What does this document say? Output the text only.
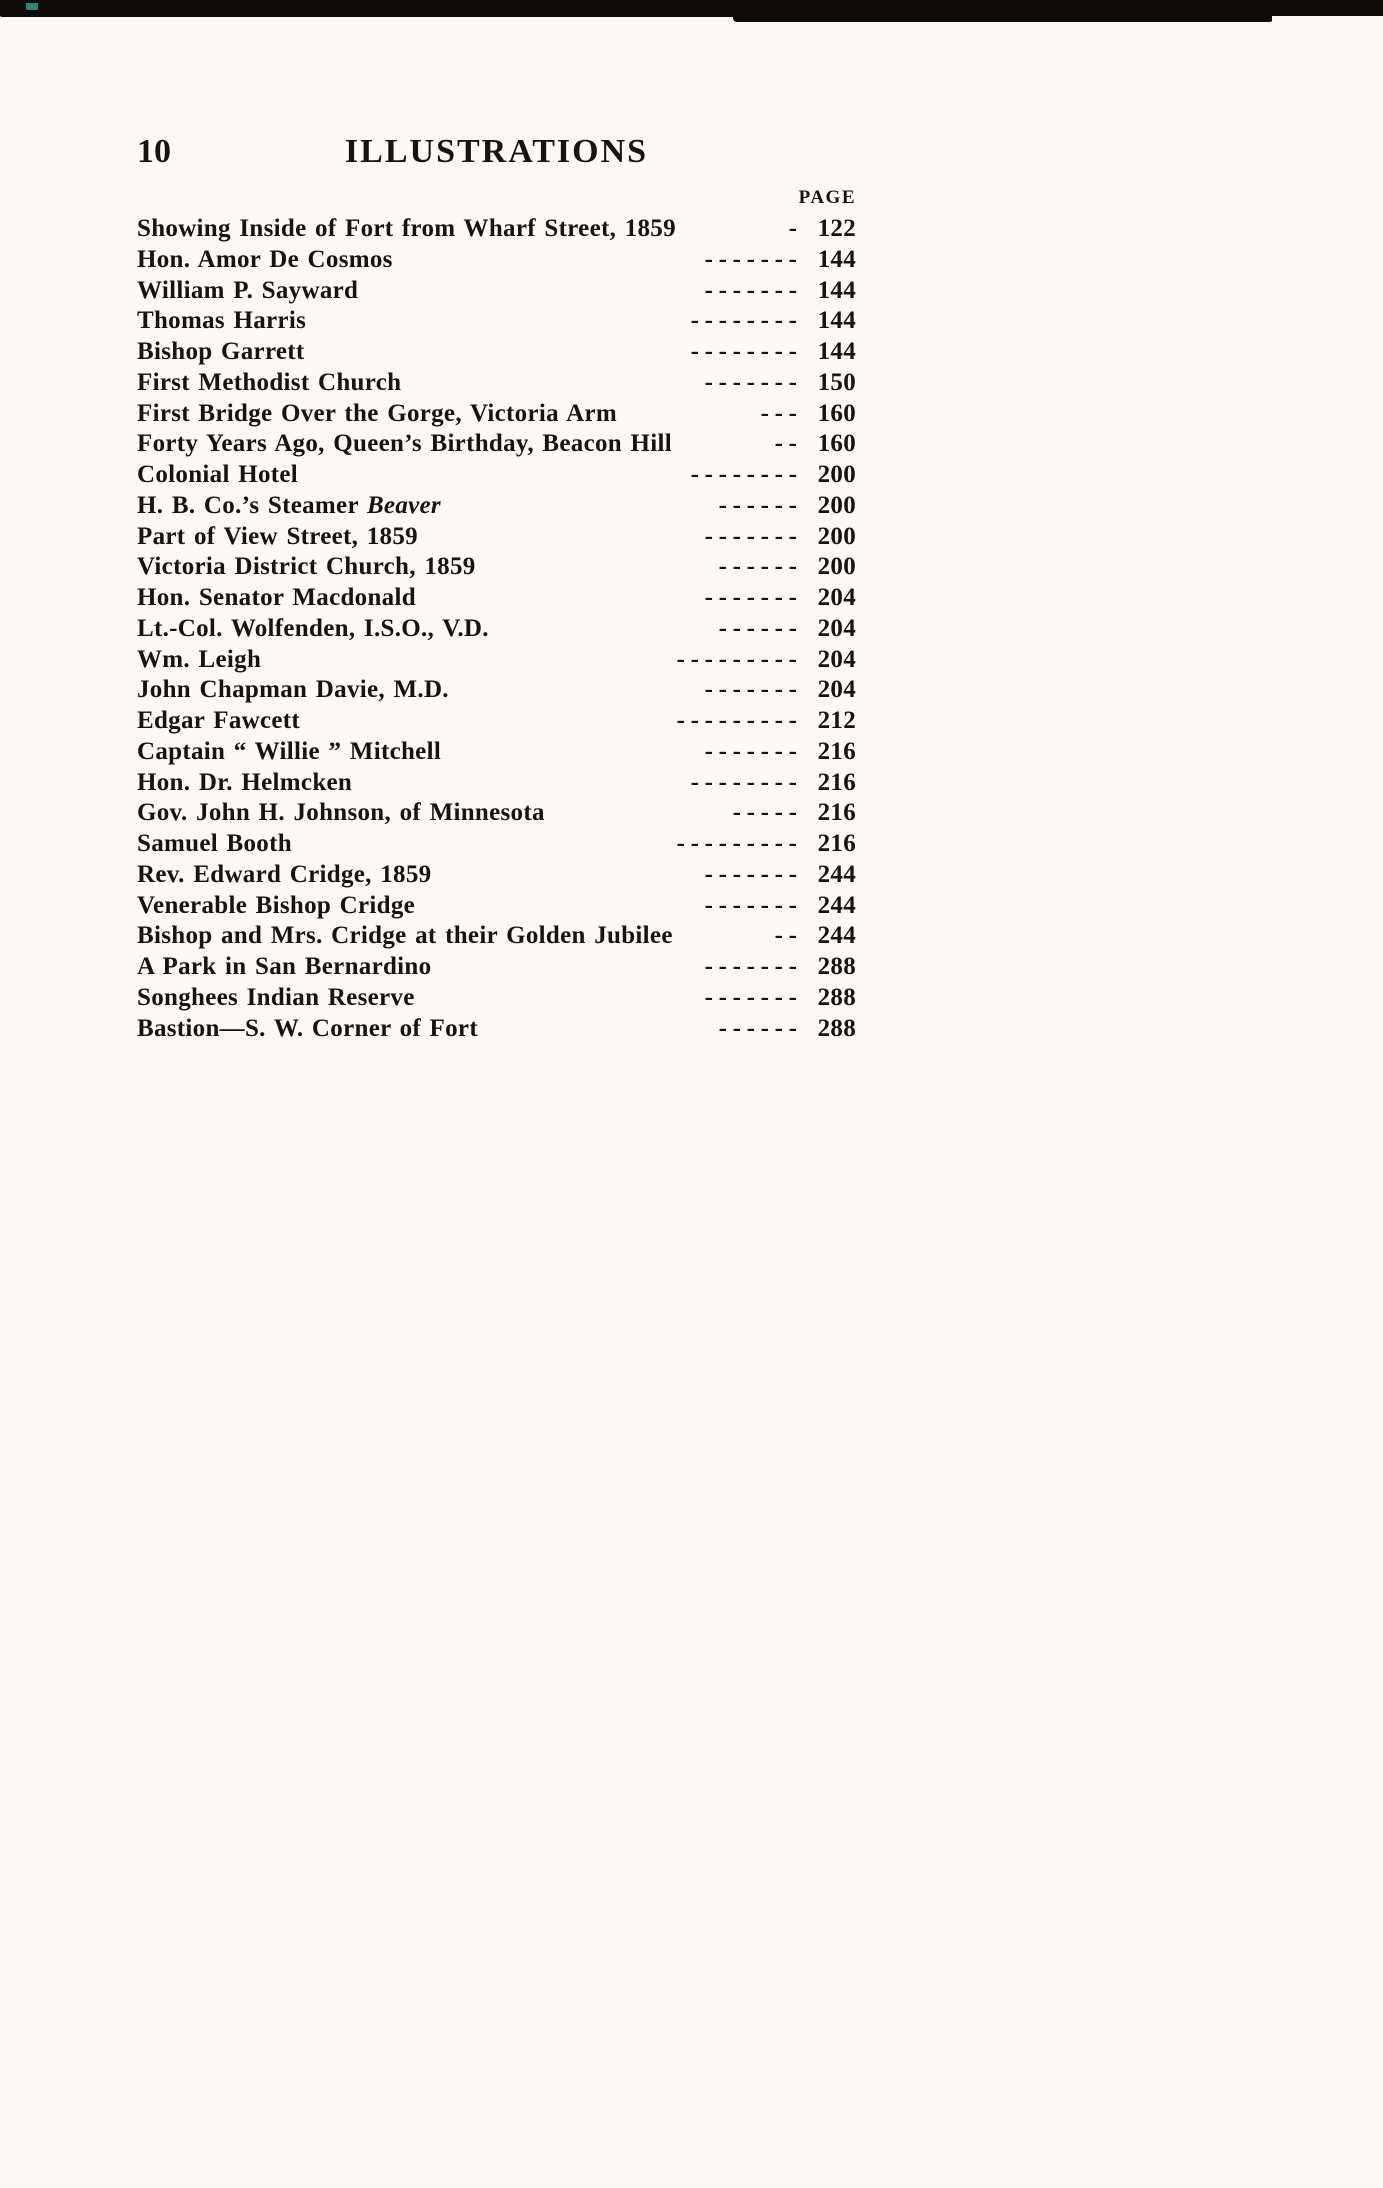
10	ILLUSTRATIONS
PAGE
Showing Inside of Fort from Wharf Street, 1859	- 122
Hon. Amor De Cosmos	- - - - - - - 144
William P. Sayward	- - - - - - - 144
Thomas Harris	- - - - - - - - 144
Bishop Garrett	- - - - - - - - 144
First Methodist Church	- - - - - - - 150
First Bridge Over the Gorge, Victoria Arm	- - - 160
Forty Years Ago, Queen’s Birthday, Beacon Hill	- - 160
Colonial Hotel	- - - - - - - - 200
H. B. Co.’s Steamer Beaver	- - - - - - 200
Part of View Street, 1859	- - - - - - - 200
Victoria District Church, 1859	- - - - - - 200
Hon. Senator Macdonald	- - - - - - - 204
Lt.-Col. Wolfenden, I.S.O., V.D.	- - - - - - 204
Wm. Leigh	- - - - - - - - - 204
John Chapman Davie, M.D.	- - - - - - - 204
Edgar Fawcett	- - - - - - - - - 212
Captain “ Willie ” Mitchell	- - - - - - - 216
Hon. Dr. Helmcken	- - - - - - - - 216
Gov. John H. Johnson, of Minnesota	- - - - - 216
Samuel Booth	- - - - - - - - - 216
Rev. Edward Cridge, 1859	- - - - - - - 244
Venerable Bishop Cridge	- - - - - - - 244
Bishop and Mrs. Cridge at their Golden Jubilee	- - 244
A Park in San Bernardino	- - - - - - - 288
Songhees Indian Reserve	- - - - - - - 288
Bastion—S. W. Corner of Fort	- - - - - - 288
